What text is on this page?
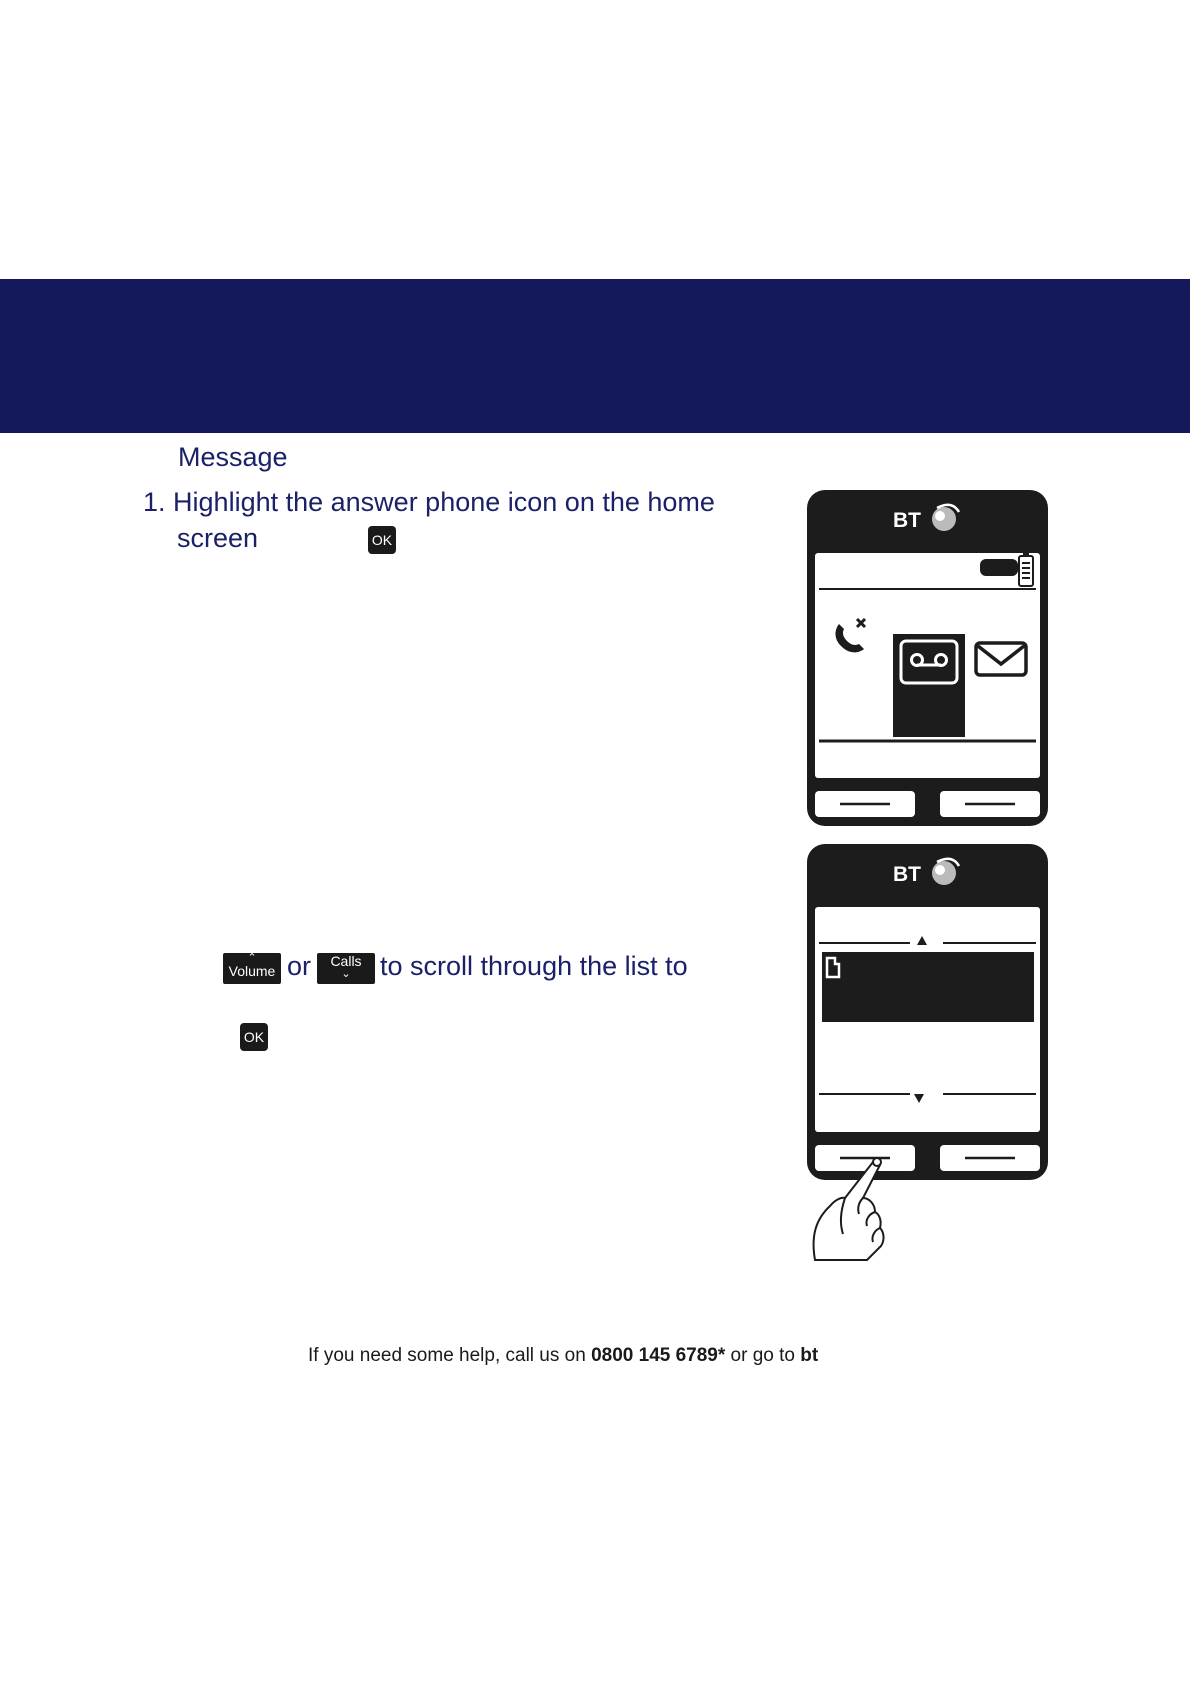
Message
1. Highlight the answer phone icon on the home
screen	OK
⌃
Volume or	Calls
⌄	to scroll through the list to
OK
BT
BT
If you need some help, call us on 0800 145 6789* or go to bt
